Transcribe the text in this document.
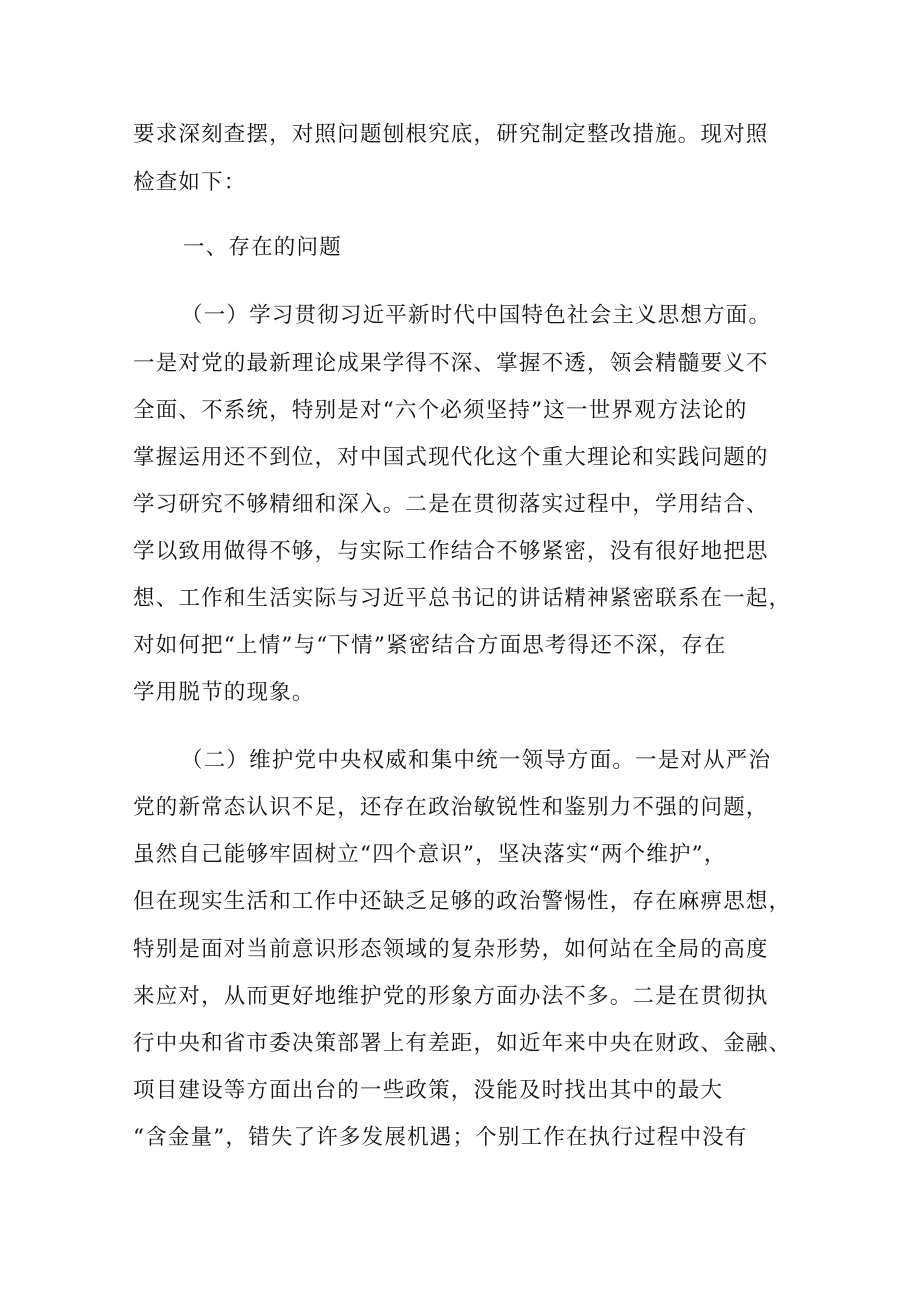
要求深刻查摆，对照问题刨根究底，研究制定整改措施。现对照
检查如下：
一、存在的问题
（一）学习贯彻习近平新时代中国特色社会主义思想方面。
一是对党的最新理论成果学得不深、掌握不透，领会精髓要义不
全面、不系统，特别是对“六个必须坚持”这一世界观方法论的
掌握运用还不到位，对中国式现代化这个重大理论和实践问题的
学习研究不够精细和深入。二是在贯彻落实过程中，学用结合、
学以致用做得不够，与实际工作结合不够紧密，没有很好地把思
想、工作和生活实际与习近平总书记的讲话精神紧密联系在一起，
对如何把“上情”与“下情”紧密结合方面思考得还不深，存在
学用脱节的现象。
（二）维护党中央权威和集中统一领导方面。一是对从严治
党的新常态认识不足，还存在政治敏锐性和鉴别力不强的问题，
虽然自己能够牢固树立“四个意识”，坚决落实“两个维护”，
但在现实生活和工作中还缺乏足够的政治警惕性，存在麻痹思想，
特别是面对当前意识形态领域的复杂形势，如何站在全局的高度
来应对，从而更好地维护党的形象方面办法不多。二是在贯彻执
行中央和省市委决策部署上有差距，如近年来中央在财政、金融、
项目建设等方面出台的一些政策，没能及时找出其中的最大
“含金量”，错失了许多发展机遇；个别工作在执行过程中没有
